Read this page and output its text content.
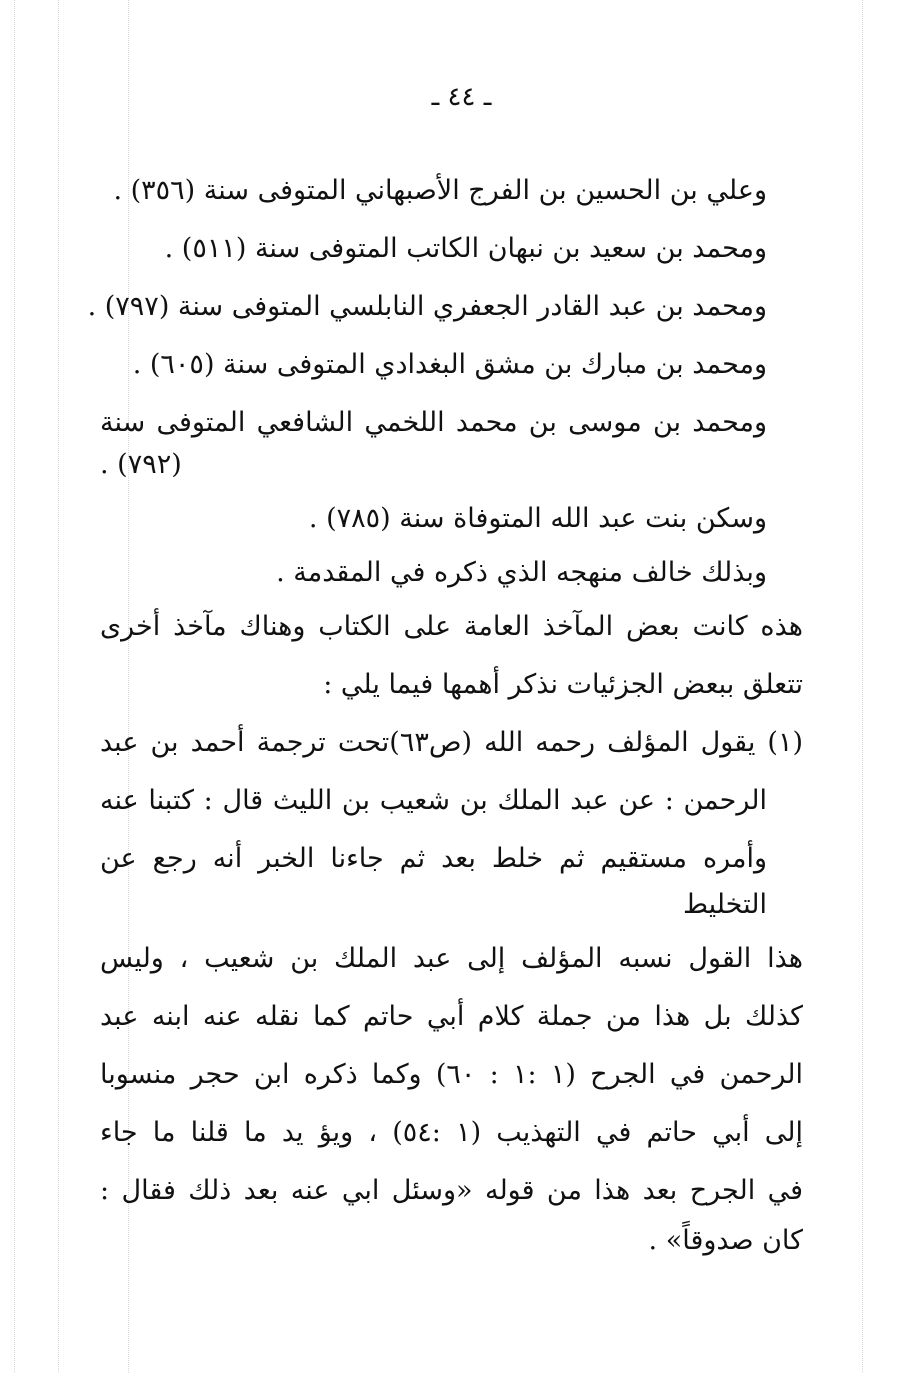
ـ ٤٤ ـ
وعلي بن الحسين بن الفرج الأصبهاني المتوفى سنة (٣٥٦) .
ومحمد بن سعيد بن نبهان الكاتب المتوفى سنة (٥١١) .
ومحمد بن عبد القادر الجعفري النابلسي المتوفى سنة (٧٩٧) .
ومحمد بن مبارك بن مشق البغدادي المتوفى سنة (٦٠٥) .
ومحمد بن موسى بن محمد اللخمي الشافعي المتوفى سنة
(٧٩٢) .
وسكن بنت عبد الله المتوفاة سنة (٧٨٥) .
وبذلك خالف منهجه الذي ذكره في المقدمة .
هذه كانت بعض المآخذ العامة على الكتاب وهناك مآخذ أخرى
تتعلق ببعض الجزئيات نذكر أهمها فيما يلي :
(١) يقول المؤلف رحمه الله (ص٦٣)تحت ترجمة أحمد بن عبد
الرحمن : عن عبد الملك بن شعيب بن الليث قال : كتبنا عنه
وأمره مستقيم ثم خلط بعد ثم جاءنا الخبر أنه رجع عن
التخليط
هذا القول نسبه المؤلف إلى عبد الملك بن شعيب ، وليس
كذلك بل هذا من جملة كلام أبي حاتم كما نقله عنه ابنه عبد
الرحمن في الجرح (١ :١ : ٦٠) وكما ذكره ابن حجر منسوبا
إلى أبي حاتم في التهذيب (١ :٥٤) ، ويؤ يد ما قلنا ما جاء
في الجرح بعد هذا من قوله «وسئل ابي عنه بعد ذلك فقال :
كان صدوقاً» .
